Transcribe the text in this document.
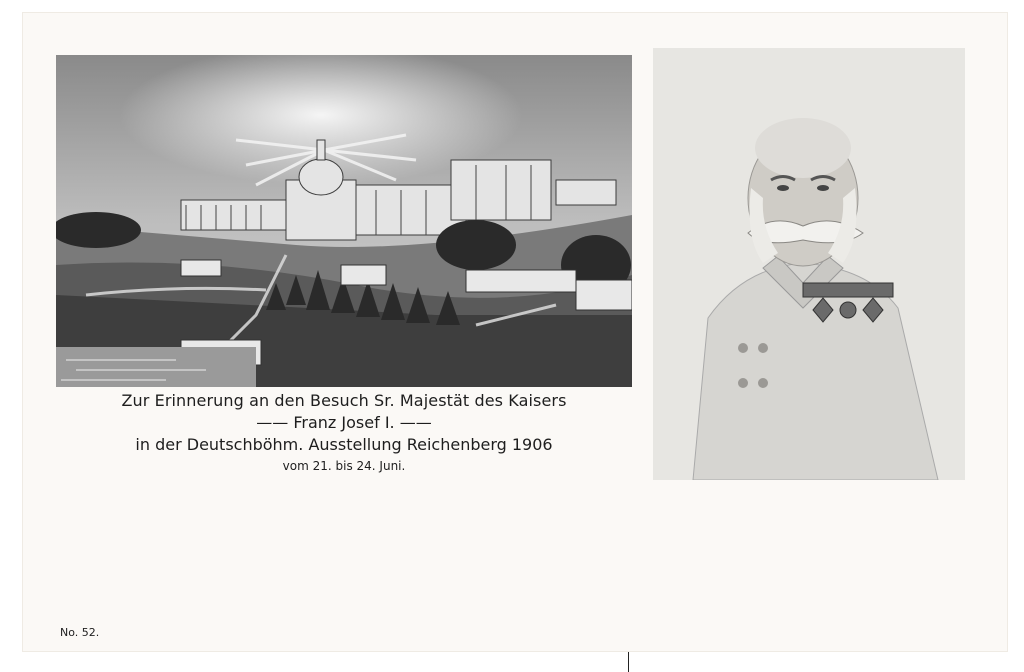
Zur Erinnerung an den Besuch Sr. Majestät des Kaisers
—— Franz Josef I. ——
in der Deutschböhm. Ausstellung Reichenberg 1906
vom 21. bis 24. Juni.
No. 52.
